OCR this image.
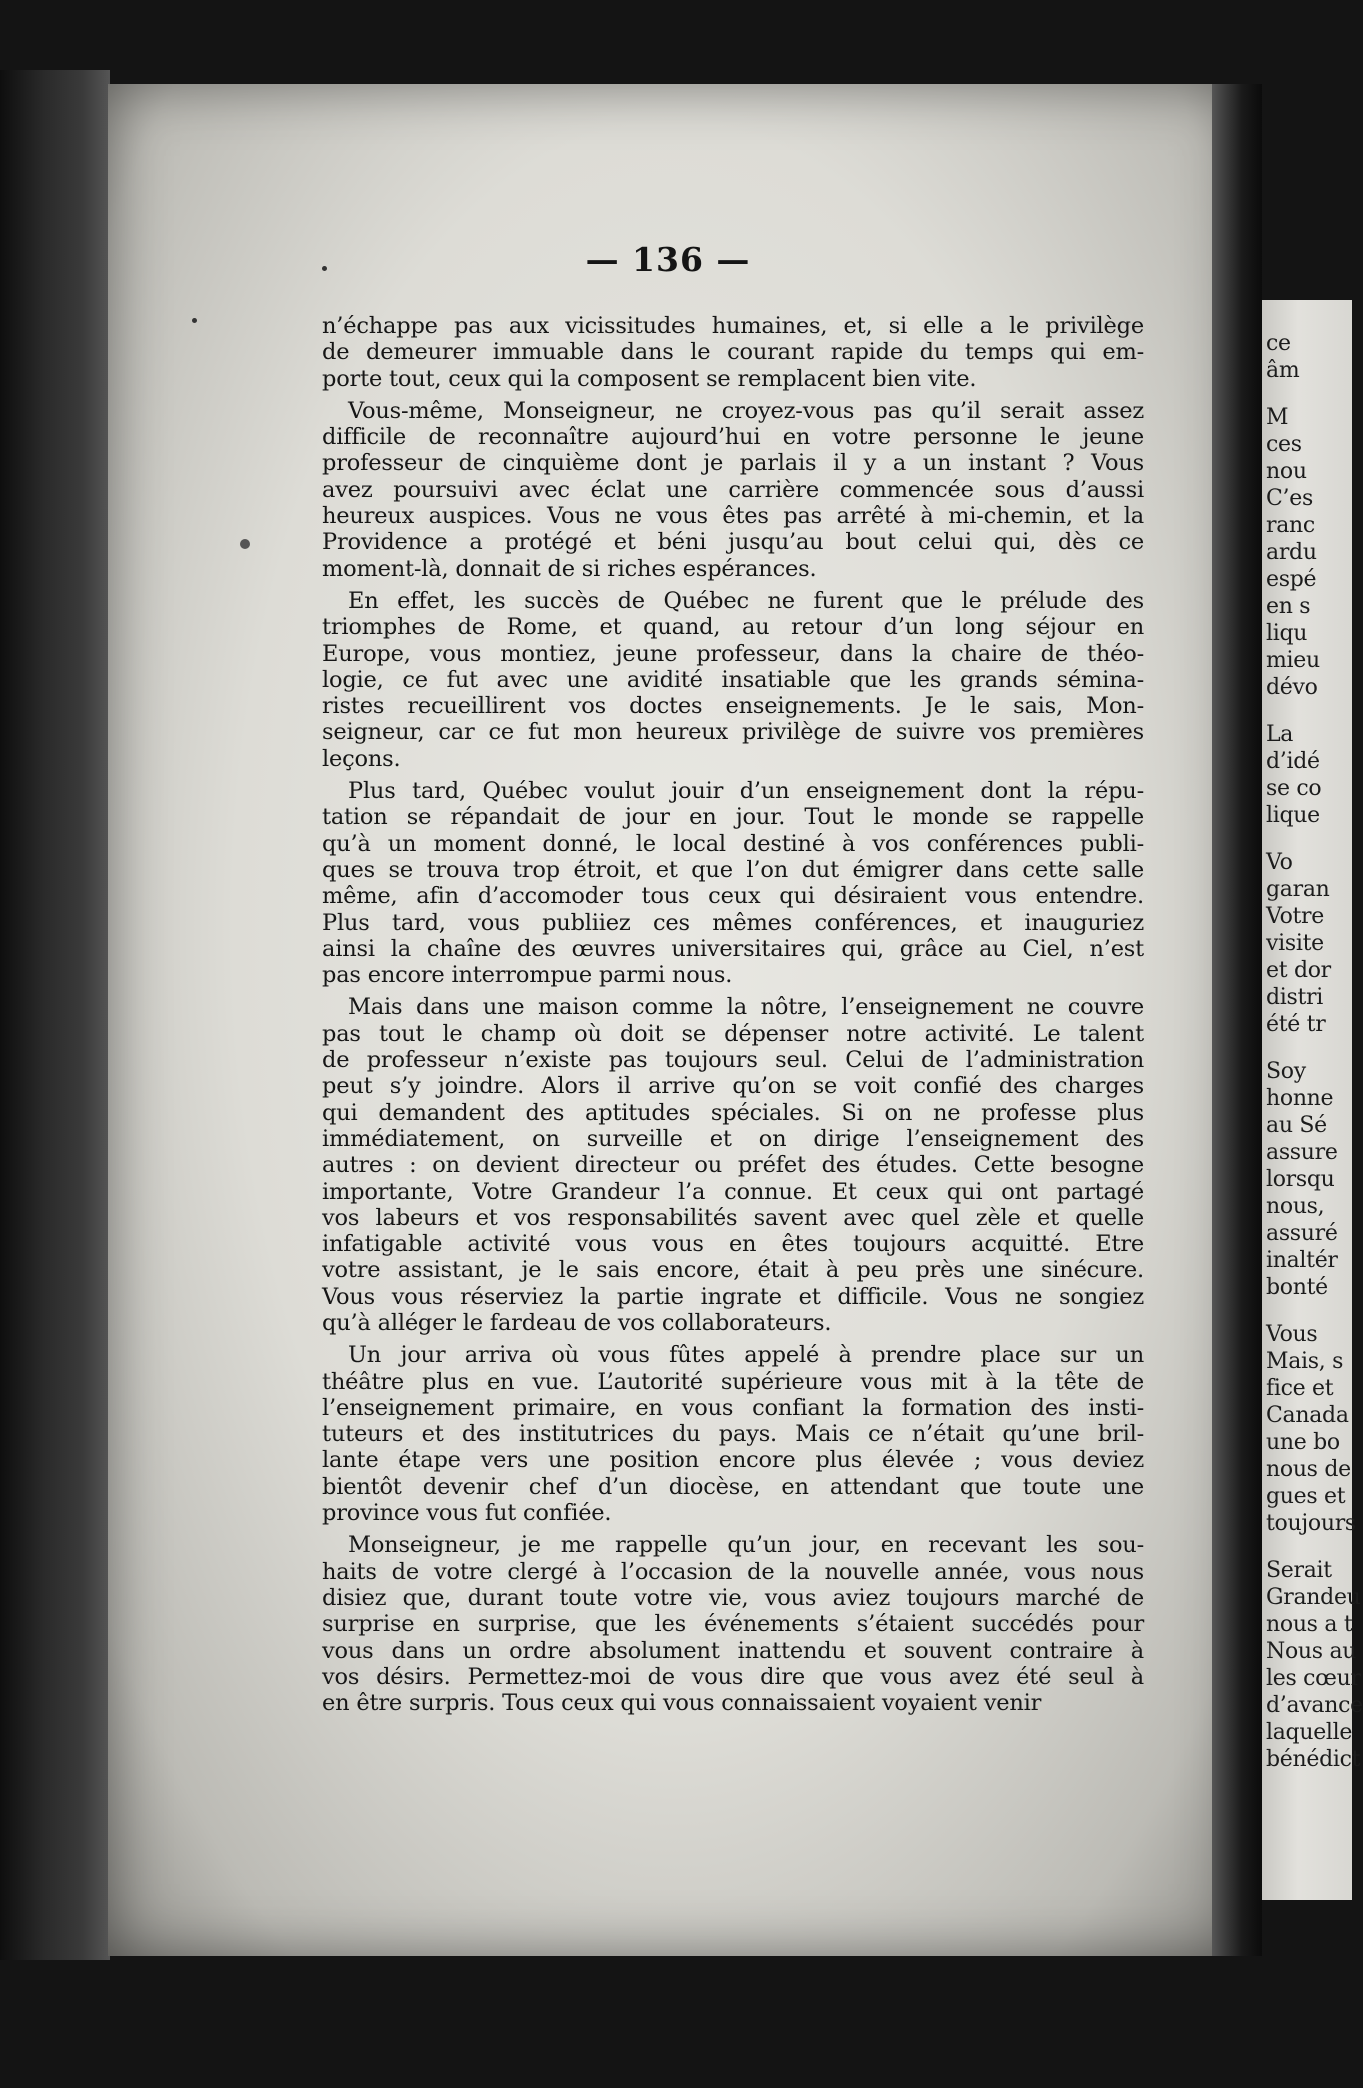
— 136 —
n’échappe pas aux vicissitudes humaines, et, si elle a le privilège
de demeurer immuable dans le courant rapide du temps qui em-
porte tout, ceux qui la composent se remplacent bien vite.
Vous-même, Monseigneur, ne croyez-vous pas qu’il serait assez
difficile de reconnaître aujourd’hui en votre personne le jeune
professeur de cinquième dont je parlais il y a un instant ? Vous
avez poursuivi avec éclat une carrière commencée sous d’aussi
heureux auspices. Vous ne vous êtes pas arrêté à mi-chemin, et la
Providence a protégé et béni jusqu’au bout celui qui, dès ce
moment-là, donnait de si riches espérances.
En effet, les succès de Québec ne furent que le prélude des
triomphes de Rome, et quand, au retour d’un long séjour en
Europe, vous montiez, jeune professeur, dans la chaire de théo-
logie, ce fut avec une avidité insatiable que les grands sémina-
ristes recueillirent vos doctes enseignements. Je le sais, Mon-
seigneur, car ce fut mon heureux privilège de suivre vos premières
leçons.
Plus tard, Québec voulut jouir d’un enseignement dont la répu-
tation se répandait de jour en jour. Tout le monde se rappelle
qu’à un moment donné, le local destiné à vos conférences publi-
ques se trouva trop étroit, et que l’on dut émigrer dans cette salle
même, afin d’accomoder tous ceux qui désiraient vous entendre.
Plus tard, vous publiiez ces mêmes conférences, et inauguriez
ainsi la chaîne des œuvres universitaires qui, grâce au Ciel, n’est
pas encore interrompue parmi nous.
Mais dans une maison comme la nôtre, l’enseignement ne couvre
pas tout le champ où doit se dépenser notre activité. Le talent
de professeur n’existe pas toujours seul. Celui de l’administration
peut s’y joindre. Alors il arrive qu’on se voit confié des charges
qui demandent des aptitudes spéciales. Si on ne professe plus
immédiatement, on surveille et on dirige l’enseignement des
autres : on devient directeur ou préfet des études. Cette besogne
importante, Votre Grandeur l’a connue. Et ceux qui ont partagé
vos labeurs et vos responsabilités savent avec quel zèle et quelle
infatigable activité vous vous en êtes toujours acquitté. Etre
votre assistant, je le sais encore, était à peu près une sinécure.
Vous vous réserviez la partie ingrate et difficile. Vous ne songiez
qu’à alléger le fardeau de vos collaborateurs.
Un jour arriva où vous fûtes appelé à prendre place sur un
théâtre plus en vue. L’autorité supérieure vous mit à la tête de
l’enseignement primaire, en vous confiant la formation des insti-
tuteurs et des institutrices du pays. Mais ce n’était qu’une bril-
lante étape vers une position encore plus élevée ; vous deviez
bientôt devenir chef d’un diocèse, en attendant que toute une
province vous fut confiée.
Monseigneur, je me rappelle qu’un jour, en recevant les sou-
haits de votre clergé à l’occasion de la nouvelle année, vous nous
disiez que, durant toute votre vie, vous aviez toujours marché de
surprise en surprise, que les événements s’étaient succédés pour
vous dans un ordre absolument inattendu et souvent contraire à
vos désirs. Permettez-moi de vous dire que vous avez été seul à
en être surpris. Tous ceux qui vous connaissaient voyaient venir
ce
âm
M
ces
nou
C’es
ranc
ardu
espé
en s
liqu
mieu
dévo
La
d’idé
se co
lique
Vo
garan
Votre
visite
et dor
distri
été tr
Soy
honne
au Sé
assure
lorsqu
nous,
assuré
inaltér
bonté
Vous
Mais, s
fice et
Canada
une bo
nous de
gues et
toujours
Serait
Grandeu
nous a t
Nous au
les cœur
d’avance
laquelle
bénédict
